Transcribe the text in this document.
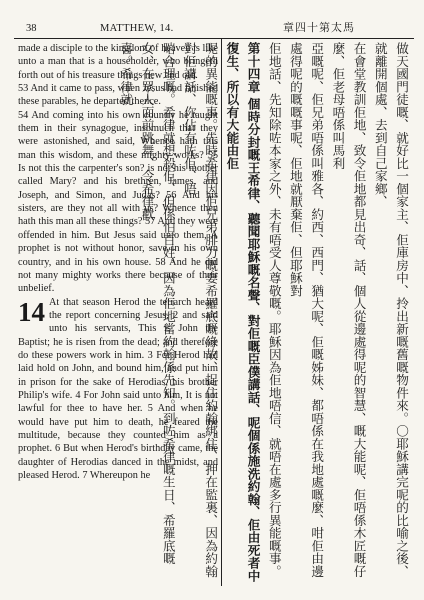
38	MATTHEW, 14.	章四十第太馬

made a disciple to the kingdom of heaven is like unto a man that is a householder, who bringeth forth out of his treasure things new and old.

53 And it came to pass, when Jesus had finished these parables, he departed thence.

54 And coming into his own country he taught them in their synagogue, insomuch that they were astonished, and said, Whence hath this man this wisdom, and these mighty works? 55 Is not this the carpenter's son? is not his mother called Mary? and his brethren, James, and Joseph, and Simon, and Judas? 56 And his sisters, are they not all with us? Whence then hath this man all these things? 57 And they were offended in him. But Jesus said unto them, A prophet is not without honor, save in his own country, and in his own house. 58 And he did not many mighty works there because of their unbelief.

14 At that season Herod the tetrarch heard the report concerning Jesus, 2 and said unto his servants, This is John the Baptist; he is risen from the dead; and therefore do these powers work in him. 3 For Herod had laid hold on John, and bound him, and put him in prison for the sake of Herodias, his brother Philip's wife. 4 For John said unto him, It is not lawful for thee to have her. 5 And when he would have put him to death, he feared the multitude, because they counted him as a prophet. 6 But when Herod's birthday came, the daughter of Herodias danced in the midst, and pleased Herod. 7 Whereupon he	做天國門徒嘅、就好比一個家主、佢庫房中、拎出新嘅舊嘅物件來。〇耶穌講完呢的比喻之後、就離開個處、去到自己家鄉、
在會堂教訓佢地、致令佢地都見出奇、話、個人從邊處得呢的智慧、嘅大能呢、佢唔係木匠嘅仔麼、佢老母唔係叫馬利
亞嘅呢、佢兄弟唔係叫雅各、約西、西門、猶大呢、佢嘅姊妹、都唔係在我地處嘅麼、咁佢由邊處得呢的嘅嘅事呢、佢地就厭棄佢、但耶穌對
佢地話、先知除咗本家之外、未有唔受人尊敬嘅。耶穌因為佢地唔信、就唔在處多行異能嘅事。
第十四章 個時分封嘅王希律、聽聞耶穌嘅名聲、對佢嘅臣僕講話、呢個係施洗約翰、佢由死者中復生、所以有大能由佢
呢的異能嘅事。先時希律因佢兄弟腓力嘅妻希羅底嘅緣故、捉住約翰綁住、押在監裏、因為約翰對佢講話、你佔有咗佢、唔
啱合理嘅。希律就想殺佢、但係怕百姓、因為佢地當約翰係先知。到咗希律嘅生日、希羅底嘅女、在眾人面前跳舞、令希律歡
喜。希律就
